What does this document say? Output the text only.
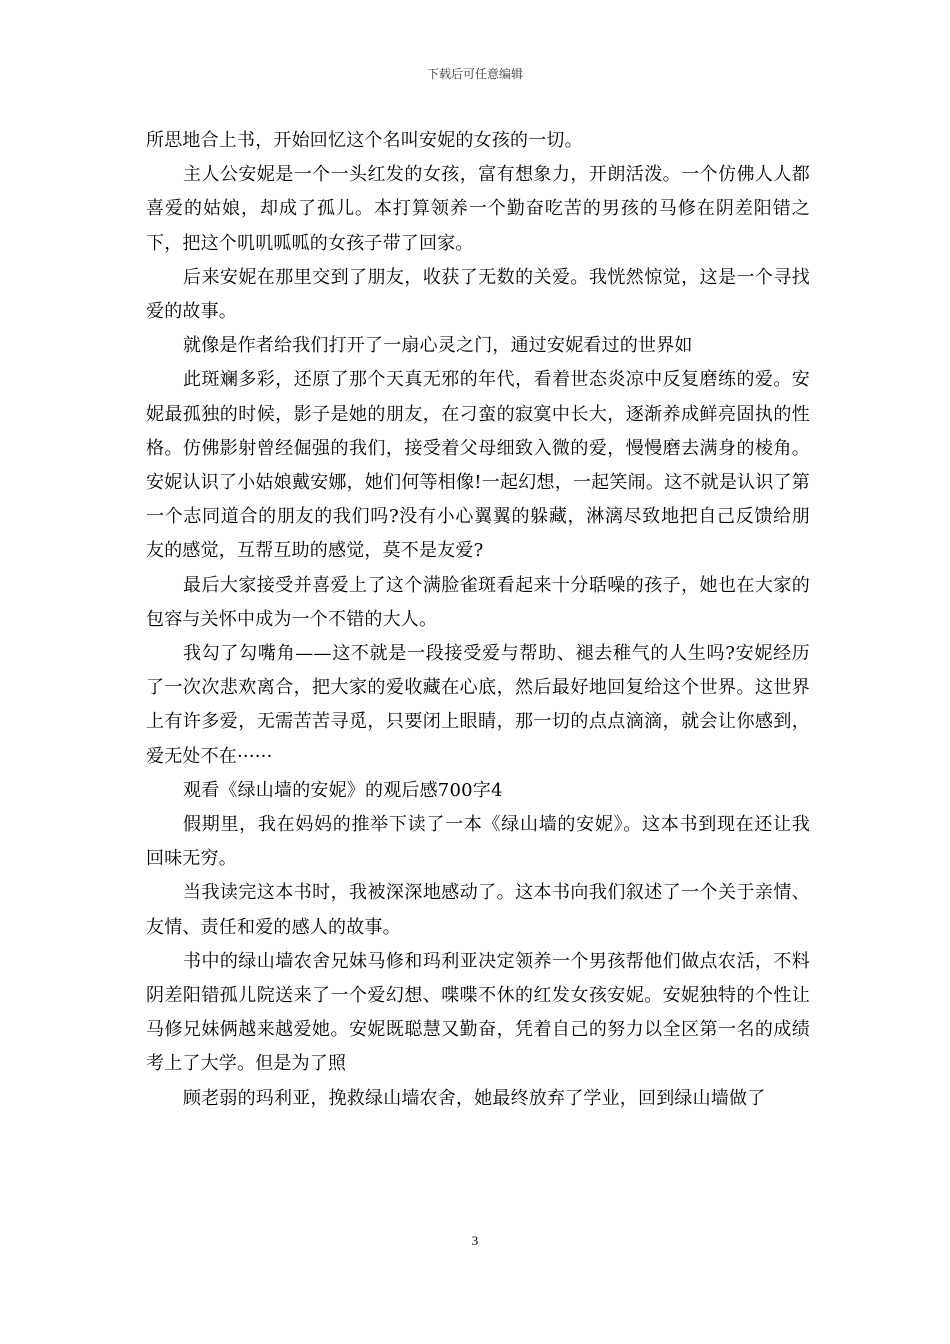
下载后可任意编辑

所思地合上书，开始回忆这个名叫安妮的女孩的一切。

主人公安妮是一个一头红发的女孩，富有想象力，开朗活泼。一个仿佛人人都喜爱的姑娘，却成了孤儿。本打算领养一个勤奋吃苦的男孩的马修在阴差阳错之下，把这个叽叽呱呱的女孩子带了回家。

后来安妮在那里交到了朋友，收获了无数的关爱。我恍然惊觉，这是一个寻找爱的故事。

就像是作者给我们打开了一扇心灵之门，通过安妮看过的世界如

此斑斓多彩，还原了那个天真无邪的年代，看着世态炎凉中反复磨练的爱。安妮最孤独的时候，影子是她的朋友，在刁蛮的寂寞中长大，逐渐养成鲜亮固执的性格。仿佛影射曾经倔强的我们，接受着父母细致入微的爱，慢慢磨去满身的棱角。安妮认识了小姑娘戴安娜，她们何等相像!一起幻想，一起笑闹。这不就是认识了第一个志同道合的朋友的我们吗?没有小心翼翼的躲藏，淋漓尽致地把自己反馈给朋友的感觉，互帮互助的感觉，莫不是友爱?

最后大家接受并喜爱上了这个满脸雀斑看起来十分聒噪的孩子，她也在大家的包容与关怀中成为一个不错的大人。

我勾了勾嘴角——这不就是一段接受爱与帮助、褪去稚气的人生吗?安妮经历了一次次悲欢离合，把大家的爱收藏在心底，然后最好地回复给这个世界。这世界上有许多爱，无需苦苦寻觅，只要闭上眼睛，那一切的点点滴滴，就会让你感到，爱无处不在······

观看《绿山墙的安妮》的观后感700字4

假期里，我在妈妈的推举下读了一本《绿山墙的安妮》。这本书到现在还让我回味无穷。

当我读完这本书时，我被深深地感动了。这本书向我们叙述了一个关于亲情、友情、责任和爱的感人的故事。

书中的绿山墙农舍兄妹马修和玛利亚决定领养一个男孩帮他们做点农活，不料阴差阳错孤儿院送来了一个爱幻想、喋喋不休的红发女孩安妮。安妮独特的个性让马修兄妹俩越来越爱她。安妮既聪慧又勤奋，凭着自己的努力以全区第一名的成绩考上了大学。但是为了照

顾老弱的玛利亚，挽救绿山墙农舍，她最终放弃了学业，回到绿山墙做了

3
